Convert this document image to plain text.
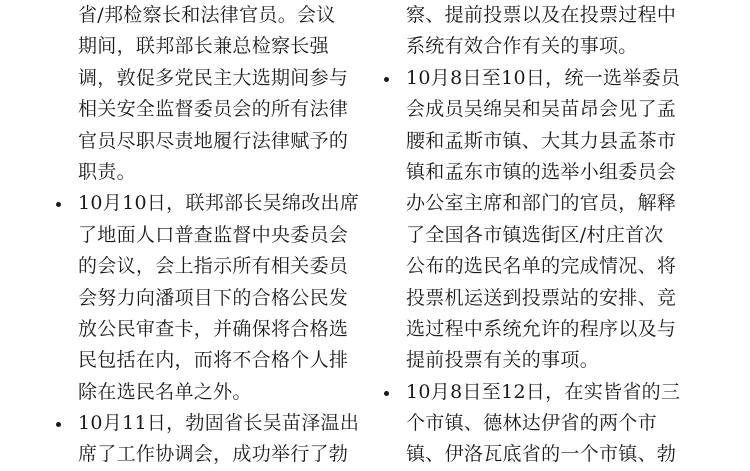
省/邦检察长和法律官员。会议
期间，联邦部长兼总检察长强
调，敦促多党民主大选期间参与
相关安全监督委员会的所有法律
官员尽职尽责地履行法律赋予的
职责。
10月10日，联邦部长吴绵改出席
了地面人口普查监督中央委员会
的会议，会上指示所有相关委员
会努力向潘项目下的合格公民发
放公民审查卡，并确保将合格选
民包括在内，而将不合格个人排
除在选民名单之外。
10月11日，勃固省长吴苗泽温出
席了工作协调会，成功举行了勃
察、提前投票以及在投票过程中
系统有效合作有关的事项。
10月8日至10日，统一选举委员
会成员吴绵吴和吴苗昂会见了孟
腰和孟斯市镇、大其力县孟茶市
镇和孟东市镇的选举小组委员会
办公室主席和部门的官员，解释
了全国各市镇选街区/村庄首次
公布的选民名单的完成情况、将
投票机运送到投票站的安排、竞
选过程中系统允许的程序以及与
提前投票有关的事项。
10月8日至12日，在实皆省的三
个市镇、德林达伊省的两个市
镇、伊洛瓦底省的一个市镇、勃
